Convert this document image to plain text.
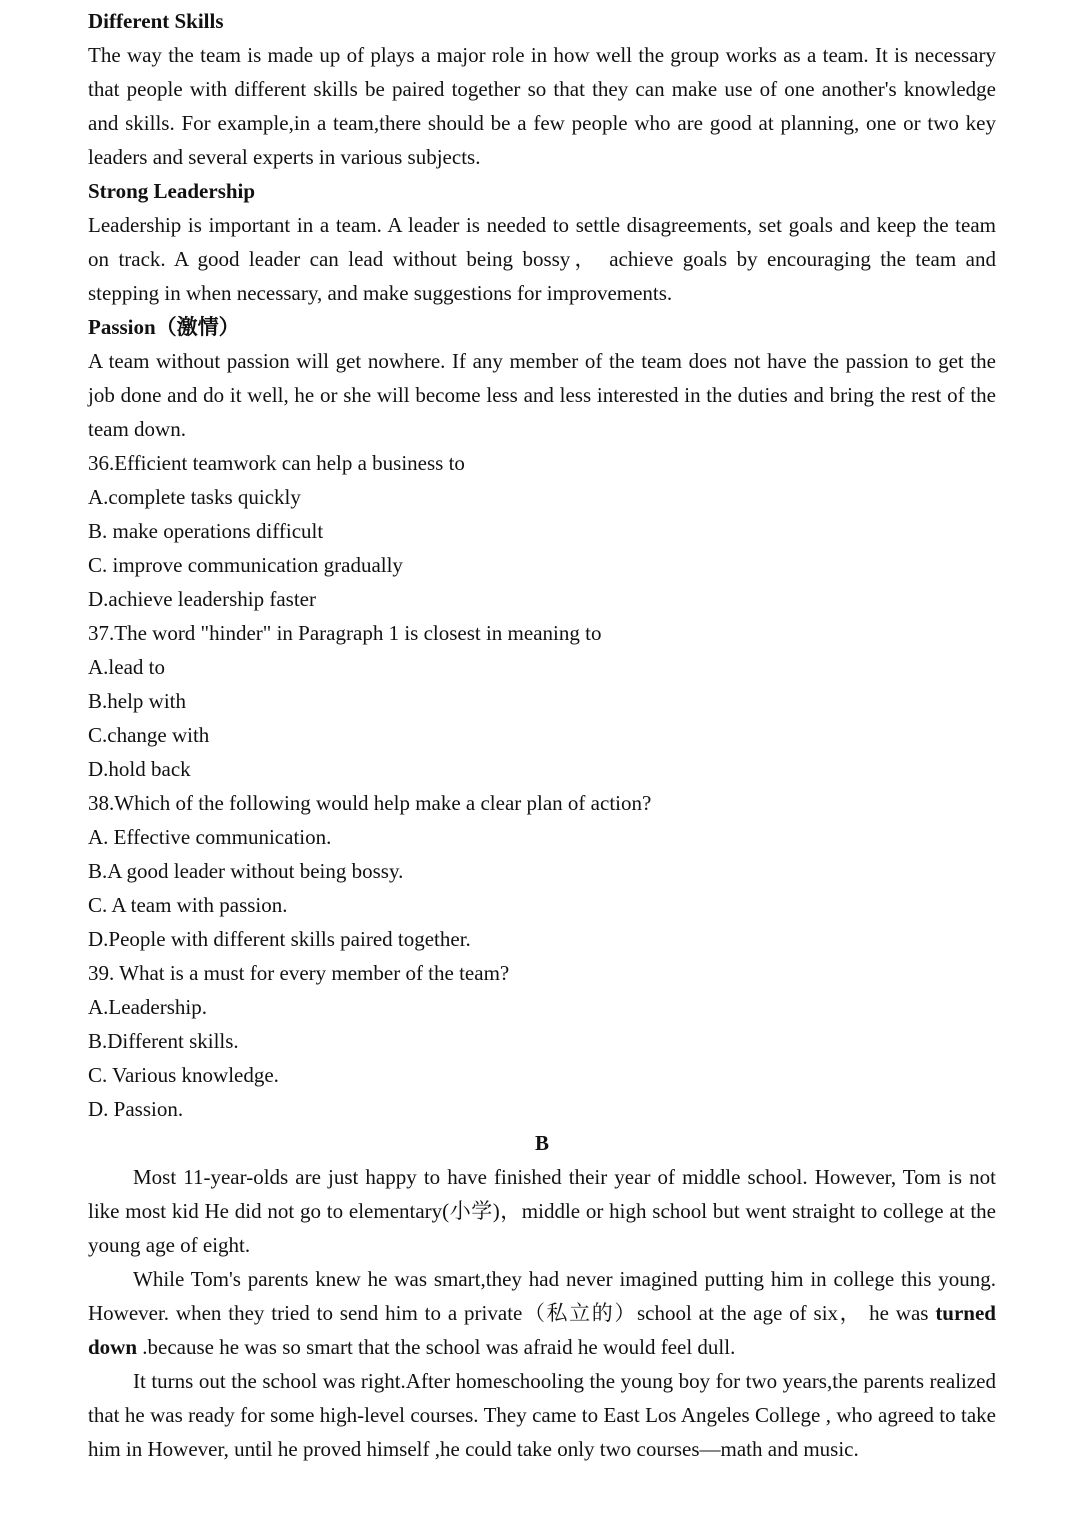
Different Skills

The way the team is made up of plays a major role in how well the group works as a team. It is necessary that people with different skills be paired together so that they can make use of one another's knowledge and skills. For example,in a team,there should be a few people who are good at planning, one or two key leaders and several experts in various subjects.

Strong Leadership

Leadership is important in a team. A leader is needed to settle disagreements, set goals and keep the team on track. A good leader can lead without being bossy， achieve goals by encouraging the team and stepping in when necessary, and make suggestions for improvements.

Passion（激情）

A team without passion will get nowhere. If any member of the team does not have the passion to get the job done and do it well, he or she will become less and less interested in the duties and bring the rest of the team down.

36.Efficient teamwork can help a business to

A.complete tasks quickly

B. make operations difficult

C. improve communication gradually

D.achieve leadership faster

37.The word "hinder" in Paragraph 1 is closest in meaning to

A.lead to

B.help with

C.change with

D.hold back

38.Which of the following would help make a clear plan of action?

A. Effective communication.

B.A good leader without being bossy.

C. A team with passion.

D.People with different skills paired together.

39. What is a must for every member of the team?

A.Leadership.

B.Different skills.

C. Various knowledge.

D. Passion.

B

Most 11-year-olds are just happy to have finished their year of middle school. However, Tom is not like most kid He did not go to elementary(小学)，middle or high school but went straight to college at the young age of eight.

While Tom's parents knew he was smart,they had never imagined putting him in college this young. However. when they tried to send him to a private（私立的）school at the age of six， he was turned down .because he was so smart that the school was afraid he would feel dull.

It turns out the school was right.After homeschooling the young boy for two years,the parents realized that he was ready for some high-level courses. They came to East Los Angeles College , who agreed to take him in However, until he proved himself ,he could take only two courses—math and music.
